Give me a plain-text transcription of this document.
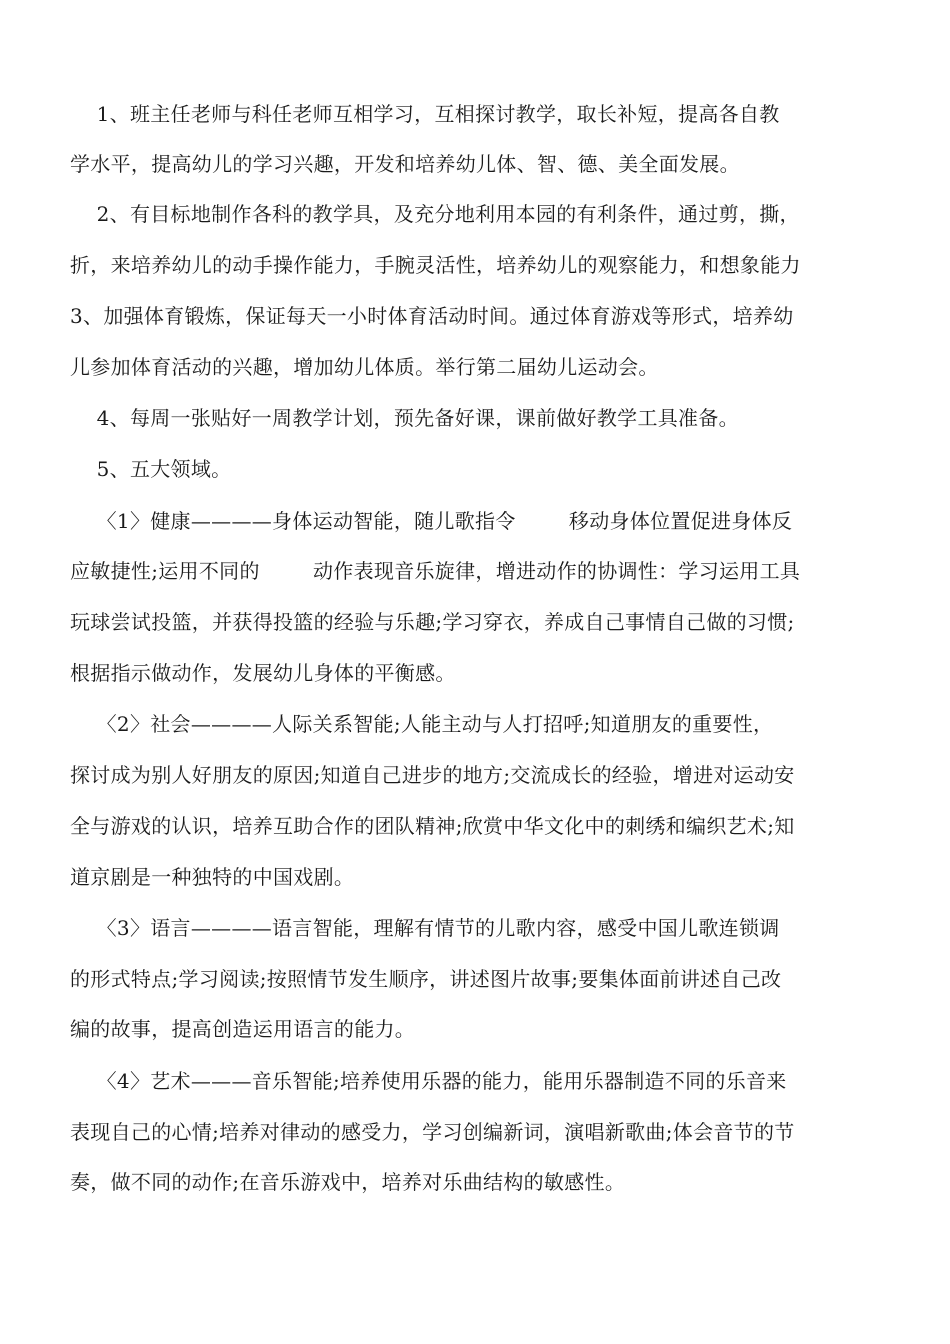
1、班主任老师与科任老师互相学习，互相探讨教学，取长补短，提高各自教
学水平，提高幼儿的学习兴趣，开发和培养幼儿体、智、德、美全面发展。
2、有目标地制作各科的教学具，及充分地利用本园的有利条件，通过剪，撕，
折，来培养幼儿的动手操作能力，手腕灵活性，培养幼儿的观察能力，和想象能力
3、加强体育锻炼，保证每天一小时体育活动时间。通过体育游戏等形式，培养幼
儿参加体育活动的兴趣，增加幼儿体质。举行第二届幼儿运动会。
4、每周一张贴好一周教学计划，预先备好课，课前做好教学工具准备。
5、五大领域。
〈1〉健康————身体运动智能，随儿歌指令        移动身体位置促进身体反
应敏捷性;运用不同的        动作表现音乐旋律，增进动作的协调性：学习运用工具
玩球尝试投篮，并获得投篮的经验与乐趣;学习穿衣，养成自己事情自己做的习惯;
根据指示做动作，发展幼儿身体的平衡感。
〈2〉社会————人际关系智能;人能主动与人打招呼;知道朋友的重要性，
探讨成为别人好朋友的原因;知道自己进步的地方;交流成长的经验，增进对运动安
全与游戏的认识，培养互助合作的团队精神;欣赏中华文化中的刺绣和编织艺术;知
道京剧是一种独特的中国戏剧。
〈3〉语言————语言智能，理解有情节的儿歌内容，感受中国儿歌连锁调
的形式特点;学习阅读;按照情节发生顺序，讲述图片故事;要集体面前讲述自己改
编的故事，提高创造运用语言的能力。
〈4〉艺术———音乐智能;培养使用乐器的能力，能用乐器制造不同的乐音来
表现自己的心情;培养对律动的感受力，学习创编新词，演唱新歌曲;体会音节的节
奏，做不同的动作;在音乐游戏中，培养对乐曲结构的敏感性。
